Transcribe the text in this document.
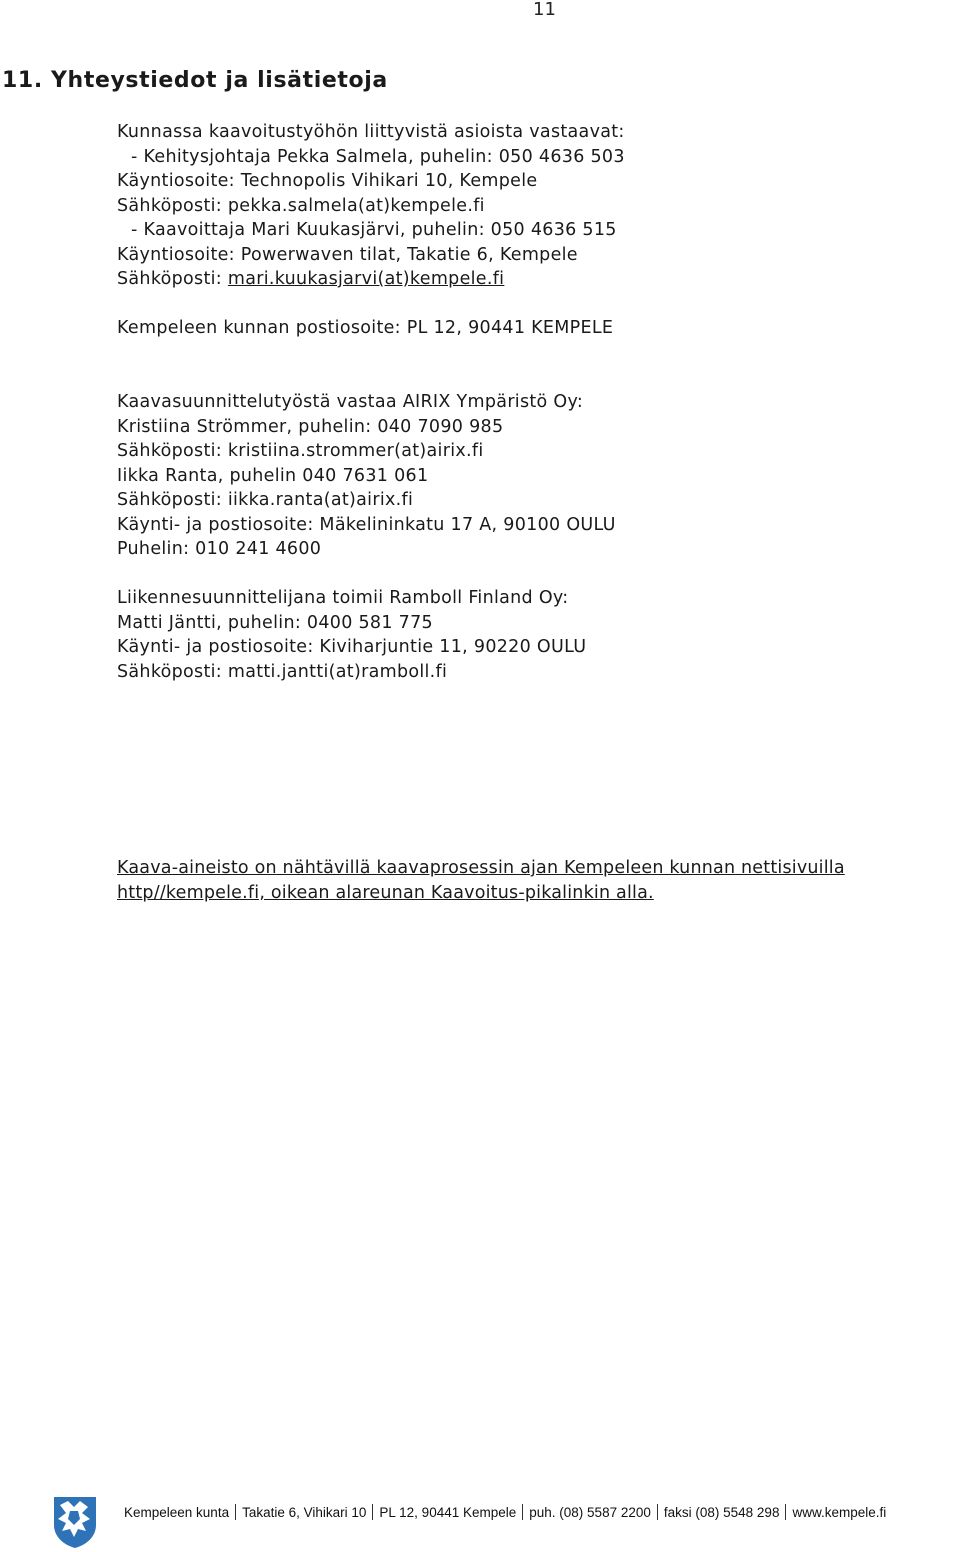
11
11. Yhteystiedot ja lisätietoja
Kunnassa kaavoitustyöhön liittyvistä asioista vastaavat:
- Kehitysjohtaja Pekka Salmela, puhelin: 050 4636 503
Käyntiosoite: Technopolis Vihikari 10, Kempele
Sähköposti: pekka.salmela(at)kempele.fi
- Kaavoittaja Mari Kuukasjärvi, puhelin: 050 4636 515
Käyntiosoite: Powerwaven tilat, Takatie 6, Kempele
Sähköposti: mari.kuukasjarvi(at)kempele.fi
Kempeleen kunnan postiosoite: PL 12, 90441 KEMPELE
Kaavasuunnittelutyöstä vastaa AIRIX Ympäristö Oy:
Kristiina Strömmer, puhelin: 040 7090 985
Sähköposti: kristiina.strommer(at)airix.fi
Iikka Ranta, puhelin 040 7631 061
Sähköposti: iikka.ranta(at)airix.fi
Käynti- ja postiosoite: Mäkelininkatu 17 A, 90100 OULU
Puhelin: 010 241 4600
Liikennesuunnittelijana toimii Ramboll Finland Oy:
Matti Jäntti, puhelin: 0400 581 775
Käynti- ja postiosoite: Kiviharjuntie 11, 90220 OULU
Sähköposti: matti.jantti(at)ramboll.fi
Kaava-aineisto on nähtävillä kaavaprosessin ajan Kempeleen kunnan nettisivuilla
http//kempele.fi, oikean alareunan Kaavoitus-pikalinkin alla.
Kempeleen kunta Takatie 6, Vihikari 10 PL 12, 90441 Kempele puh. (08) 5587 2200 faksi (08) 5548 298 www.kempele.fi
